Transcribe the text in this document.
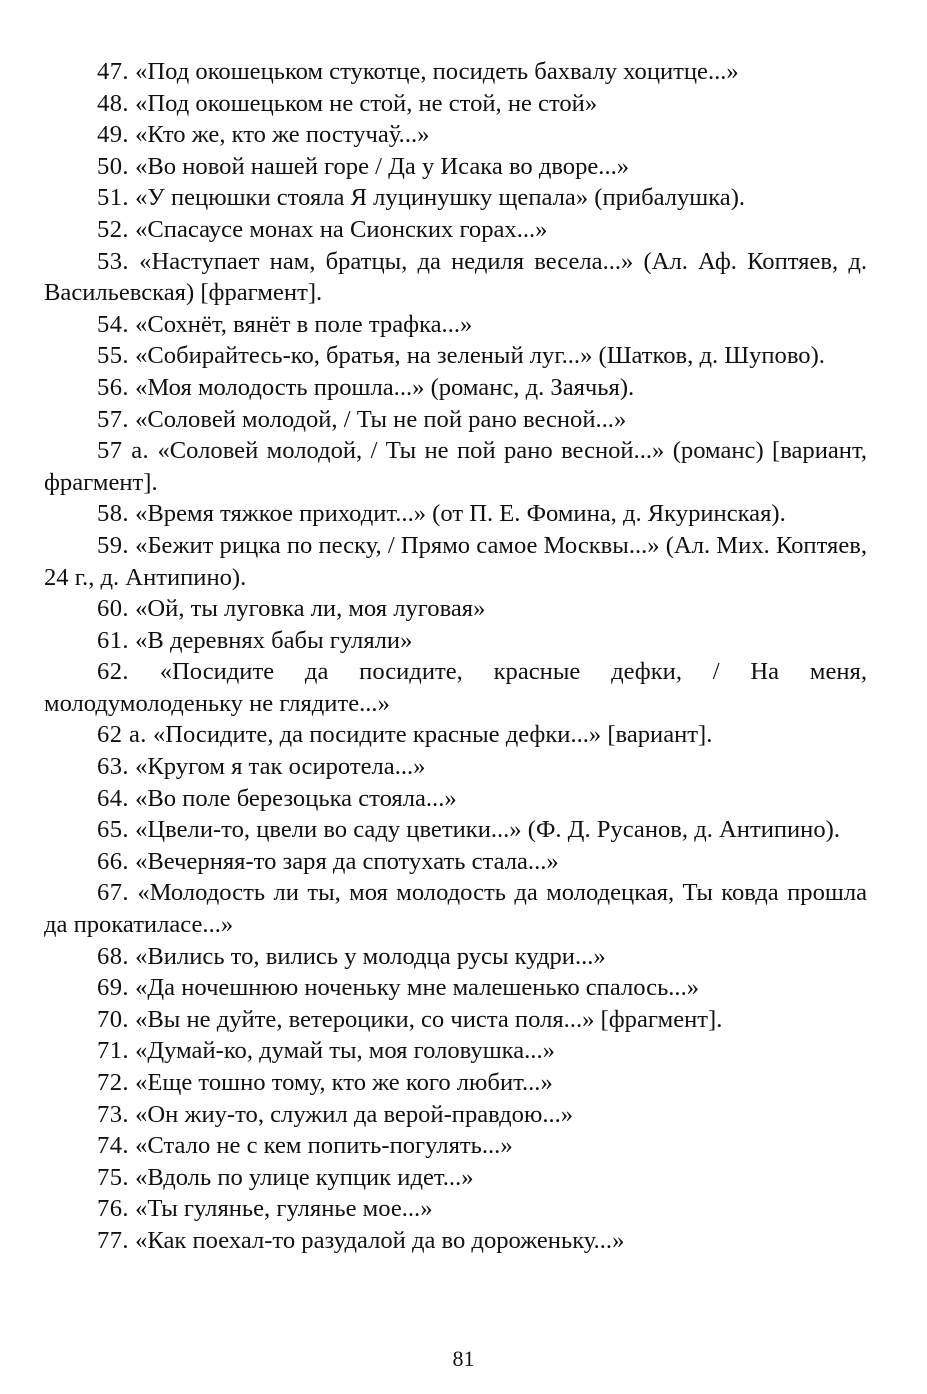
47. «Под окошецьком стукотце, посидеть бахвалу хоцитце...»

48. «Под окошецьком не стой, не стой, не стой»

49. «Кто же, кто же постучаў...»

50. «Во новой нашей горе / Да у Исака во дворе...»

51. «У пецюшки стояла Я луцинушку щепала» (прибалушка).

52. «Спасаусе монах на Сионских горах...»

53. «Наступает нам, братцы, да недиля весела...» (Ал. Аф. Коптяев, д. Васильевская) [фрагмент].

54. «Сохнёт, вянёт в поле трафка...»

55. «Собирайтесь-ко, братья, на зеленый луг...» (Шатков, д. Шупово).

56. «Моя молодость прошла...» (романс, д. Заячья).

57. «Соловей молодой, / Ты не пой рано весной...»

57 а. «Соловей молодой, / Ты не пой рано весной...» (романс) [вариант, фрагмент].

58. «Время тяжкое приходит...» (от П. Е. Фомина, д. Якуринская).

59. «Бежит рицка по песку, / Прямо самое Москвы...» (Ал. Мих. Коптяев, 24 г., д. Антипино).

60. «Ой, ты луговка ли, моя луговая»

61. «В деревнях бабы гуляли»

62. «Посидите да посидите, красные дефки, / На меня, молодумолоденьку не глядите...»

62 а. «Посидите, да посидите красные дефки...» [вариант].

63. «Кругом я так осиротела...»

64. «Во поле березоцька стояла...»

65. «Цвели-то, цвели во саду цветики...» (Ф. Д. Русанов, д. Антипино).

66. «Вечерняя-то заря да спотухать стала...»

67. «Молодость ли ты, моя молодость да молодецкая, Ты ковда прошла да прокатиласе...»

68. «Вились то, вились у молодца русы кудри...»

69. «Да ночешнюю ноченьку мне малешенько спалось...»

70. «Вы не дуйте, ветероцики, со чиста поля...» [фрагмент].

71. «Думай-ко, думай ты, моя головушка...»

72. «Еще тошно тому, кто же кого любит...»

73. «Он жиу-то, служил да верой-правдою...»

74. «Стало не с кем попить-погулять...»

75. «Вдоль по улице купцик идет...»

76. «Ты гулянье, гулянье мое...»

77. «Как поехал-то разудалой да во дороженьку...»

81
